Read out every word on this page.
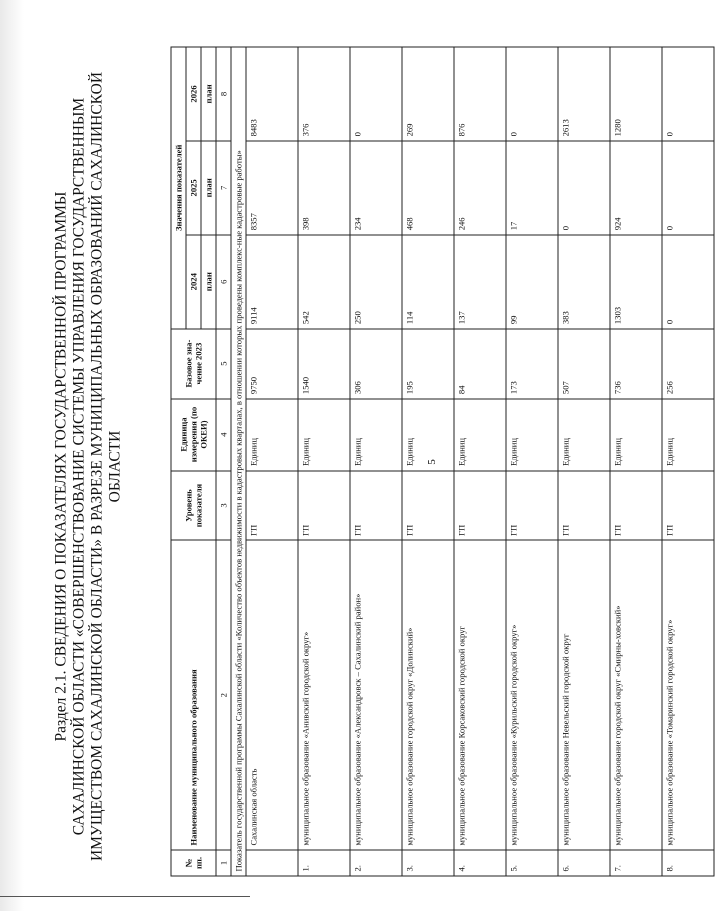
5
Раздел 2.1. СВЕДЕНИЯ О ПОКАЗАТЕЛЯХ ГОСУДАРСТВЕННОЙ ПРОГРАММЫ САХАЛИНСКОЙ ОБЛАСТИ «СОВЕРШЕНСТВОВАНИЕ СИСТЕМЫ УПРАВЛЕНИЯ ГОСУДАРСТВЕННЫМ ИМУЩЕСТВОМ САХАЛИНСКОЙ ОБЛАСТИ» В РАЗРЕЗЕ МУНИЦИПАЛЬНЫХ ОБРАЗОВАНИЙ САХАЛИНСКОЙ ОБЛАСТИ
№ пп.	Наименование муниципального образования	Уровень показателя	Единица измерения (по ОКЕИ)	Базовое зна-чение 2023	Значения показателей		
					2024	2025	2026
					план	план	план
1	2	3	4	5	6	7	8
Показатель государственной программы Сахалинской области «Количество объектов недвижимости в кадастровых кварталах, в отношении которых проведены комплекс-ные кадастровые работы»							
	Сахалинская область	ГП	Единиц	9750	9114	8357	8483
1.	муниципальное образование «Анивский городской округ»	ГП	Единиц	1540	542	398	376
2.	муниципальное образование «Александровск – Сахалинский район»	ГП	Единиц	306	250	234	0
3.	муниципальное образование городской округ «Долинский»	ГП	Единиц	195	114	468	269
4.	муниципальное образование Корсаковский городской округ	ГП	Единиц	84	137	246	876
5.	муниципальное образование «Курильский городской округ»	ГП	Единиц	173	99	17	0
6.	муниципальное образование Невельский городской округ	ГП	Единиц	507	383	0	2613
7.	муниципальное образование городской округ «Смирны-ховский»	ГП	Единиц	736	1303	924	1280
8.	муниципальное образование «Томаринский городской округ»	ГП	Единиц	256	0	0	0
